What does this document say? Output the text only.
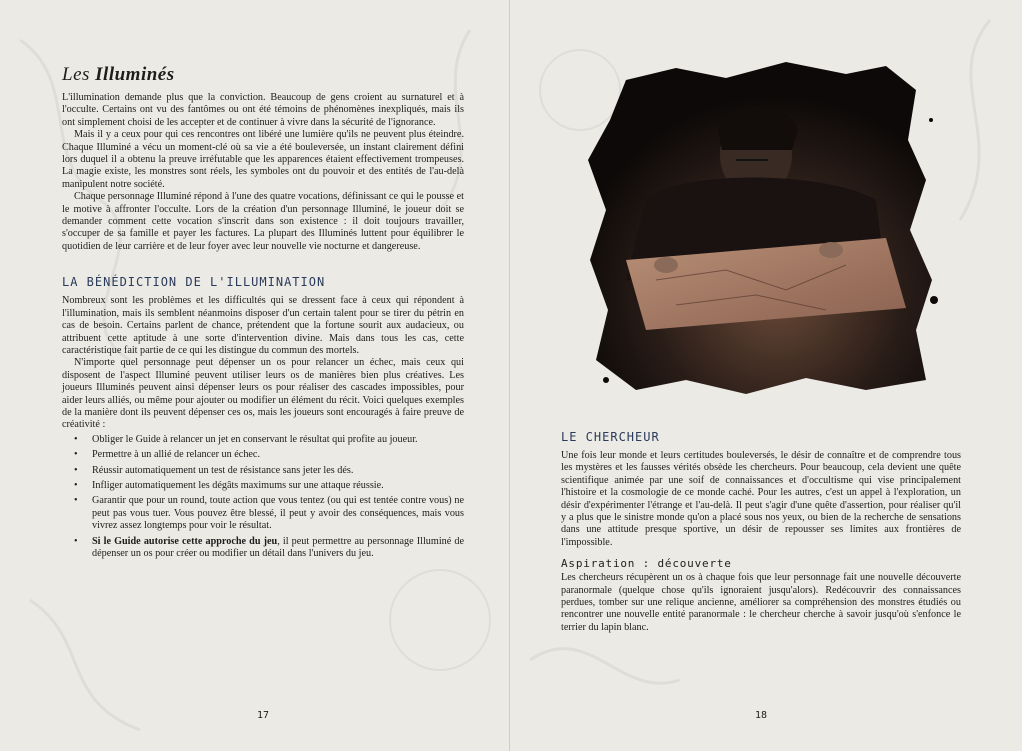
Les Illuminés

L'illumination demande plus que la conviction. Beaucoup de gens croient au surnaturel et à l'occulte. Certains ont vu des fantômes ou ont été témoins de phénomènes inexpliqués, mais ils ont simplement choisi de les accepter et de continuer à vivre dans la sécurité de l'ignorance.

Mais il y a ceux pour qui ces rencontres ont libéré une lumière qu'ils ne peuvent plus éteindre. Chaque Illuminé a vécu un moment-clé où sa vie a été bouleversée, un instant clairement défini lors duquel il a obtenu la preuve irréfutable que les apparences étaient effectivement trompeuses. La magie existe, les monstres sont réels, les symboles ont du pouvoir et des entités de l'au-delà manipulent notre société.

Chaque personnage Illuminé répond à l'une des quatre vocations, définissant ce qui le pousse et le motive à affronter l'occulte. Lors de la création d'un personnage Illuminé, le joueur doit se demander comment cette vocation s'inscrit dans son existence : il doit toujours travailler, s'occuper de sa famille et payer les factures. La plupart des Illuminés luttent pour équilibrer le quotidien de leur carrière et de leur foyer avec leur nouvelle vie nocturne et dangereuse.

LA BÉNÉDICTION DE L'ILLUMINATION

Nombreux sont les problèmes et les difficultés qui se dressent face à ceux qui répondent à l'illumination, mais ils semblent néanmoins disposer d'un certain talent pour se tirer du pétrin en cas de besoin. Certains parlent de chance, prétendent que la fortune sourit aux audacieux, ou attribuent cette aptitude à une sorte d'intervention divine. Mais dans tous les cas, cette caractéristique fait partie de ce qui les distingue du commun des mortels.

N'importe quel personnage peut dépenser un os pour relancer un échec, mais ceux qui disposent de l'aspect Illuminé peuvent utiliser leurs os de manières bien plus créatives. Les joueurs Illuminés peuvent ainsi dépenser leurs os pour réaliser des cascades impossibles, pour aider leurs alliés, ou même pour ajouter ou modifier un élément du récit. Voici quelques exemples de la manière dont ils peuvent dépenser ces os, mais les joueurs sont encouragés à faire preuve de créativité :

• Obliger le Guide à relancer un jet en conservant le résultat qui profite au joueur.
• Permettre à un allié de relancer un échec.
• Réussir automatiquement un test de résistance sans jeter les dés.
• Infliger automatiquement les dégâts maximums sur une attaque réussie.
• Garantir que pour un round, toute action que vous tentez (ou qui est tentée contre vous) ne peut pas vous tuer. Vous pouvez être blessé, il peut y avoir des conséquences, mais vous vivrez assez longtemps pour voir le résultat.
• Si le Guide autorise cette approche du jeu, il peut permettre au personnage Illuminé de dépenser un os pour créer ou modifier un détail dans l'univers du jeu.
17
LE CHERCHEUR

Une fois leur monde et leurs certitudes bouleversés, le désir de connaître et de comprendre tous les mystères et les fausses vérités obsède les chercheurs. Pour beaucoup, cela devient une quête scientifique animée par une soif de connaissances et d'occultisme qui vise principalement l'histoire et la cosmologie de ce monde caché. Pour les autres, c'est un appel à l'exploration, un désir d'expérimenter l'étrange et l'au-delà. Il peut s'agir d'une quête d'assertion, pour réaliser qu'il y a plus que le sinistre monde qu'on a placé sous nos yeux, ou bien de la recherche de sensations dans une attitude presque sportive, un désir de repousser ses limites aux frontières de l'impossible.

Aspiration : découverte

Les chercheurs récupèrent un os à chaque fois que leur personnage fait une nouvelle découverte paranormale (quelque chose qu'ils ignoraient jusqu'alors). Redécouvrir des connaissances perdues, tomber sur une relique ancienne, améliorer sa compréhension des monstres étudiés ou rencontrer une nouvelle entité paranormale : le chercheur cherche à savoir jusqu'où s'enfonce le terrier du lapin blanc.

18
